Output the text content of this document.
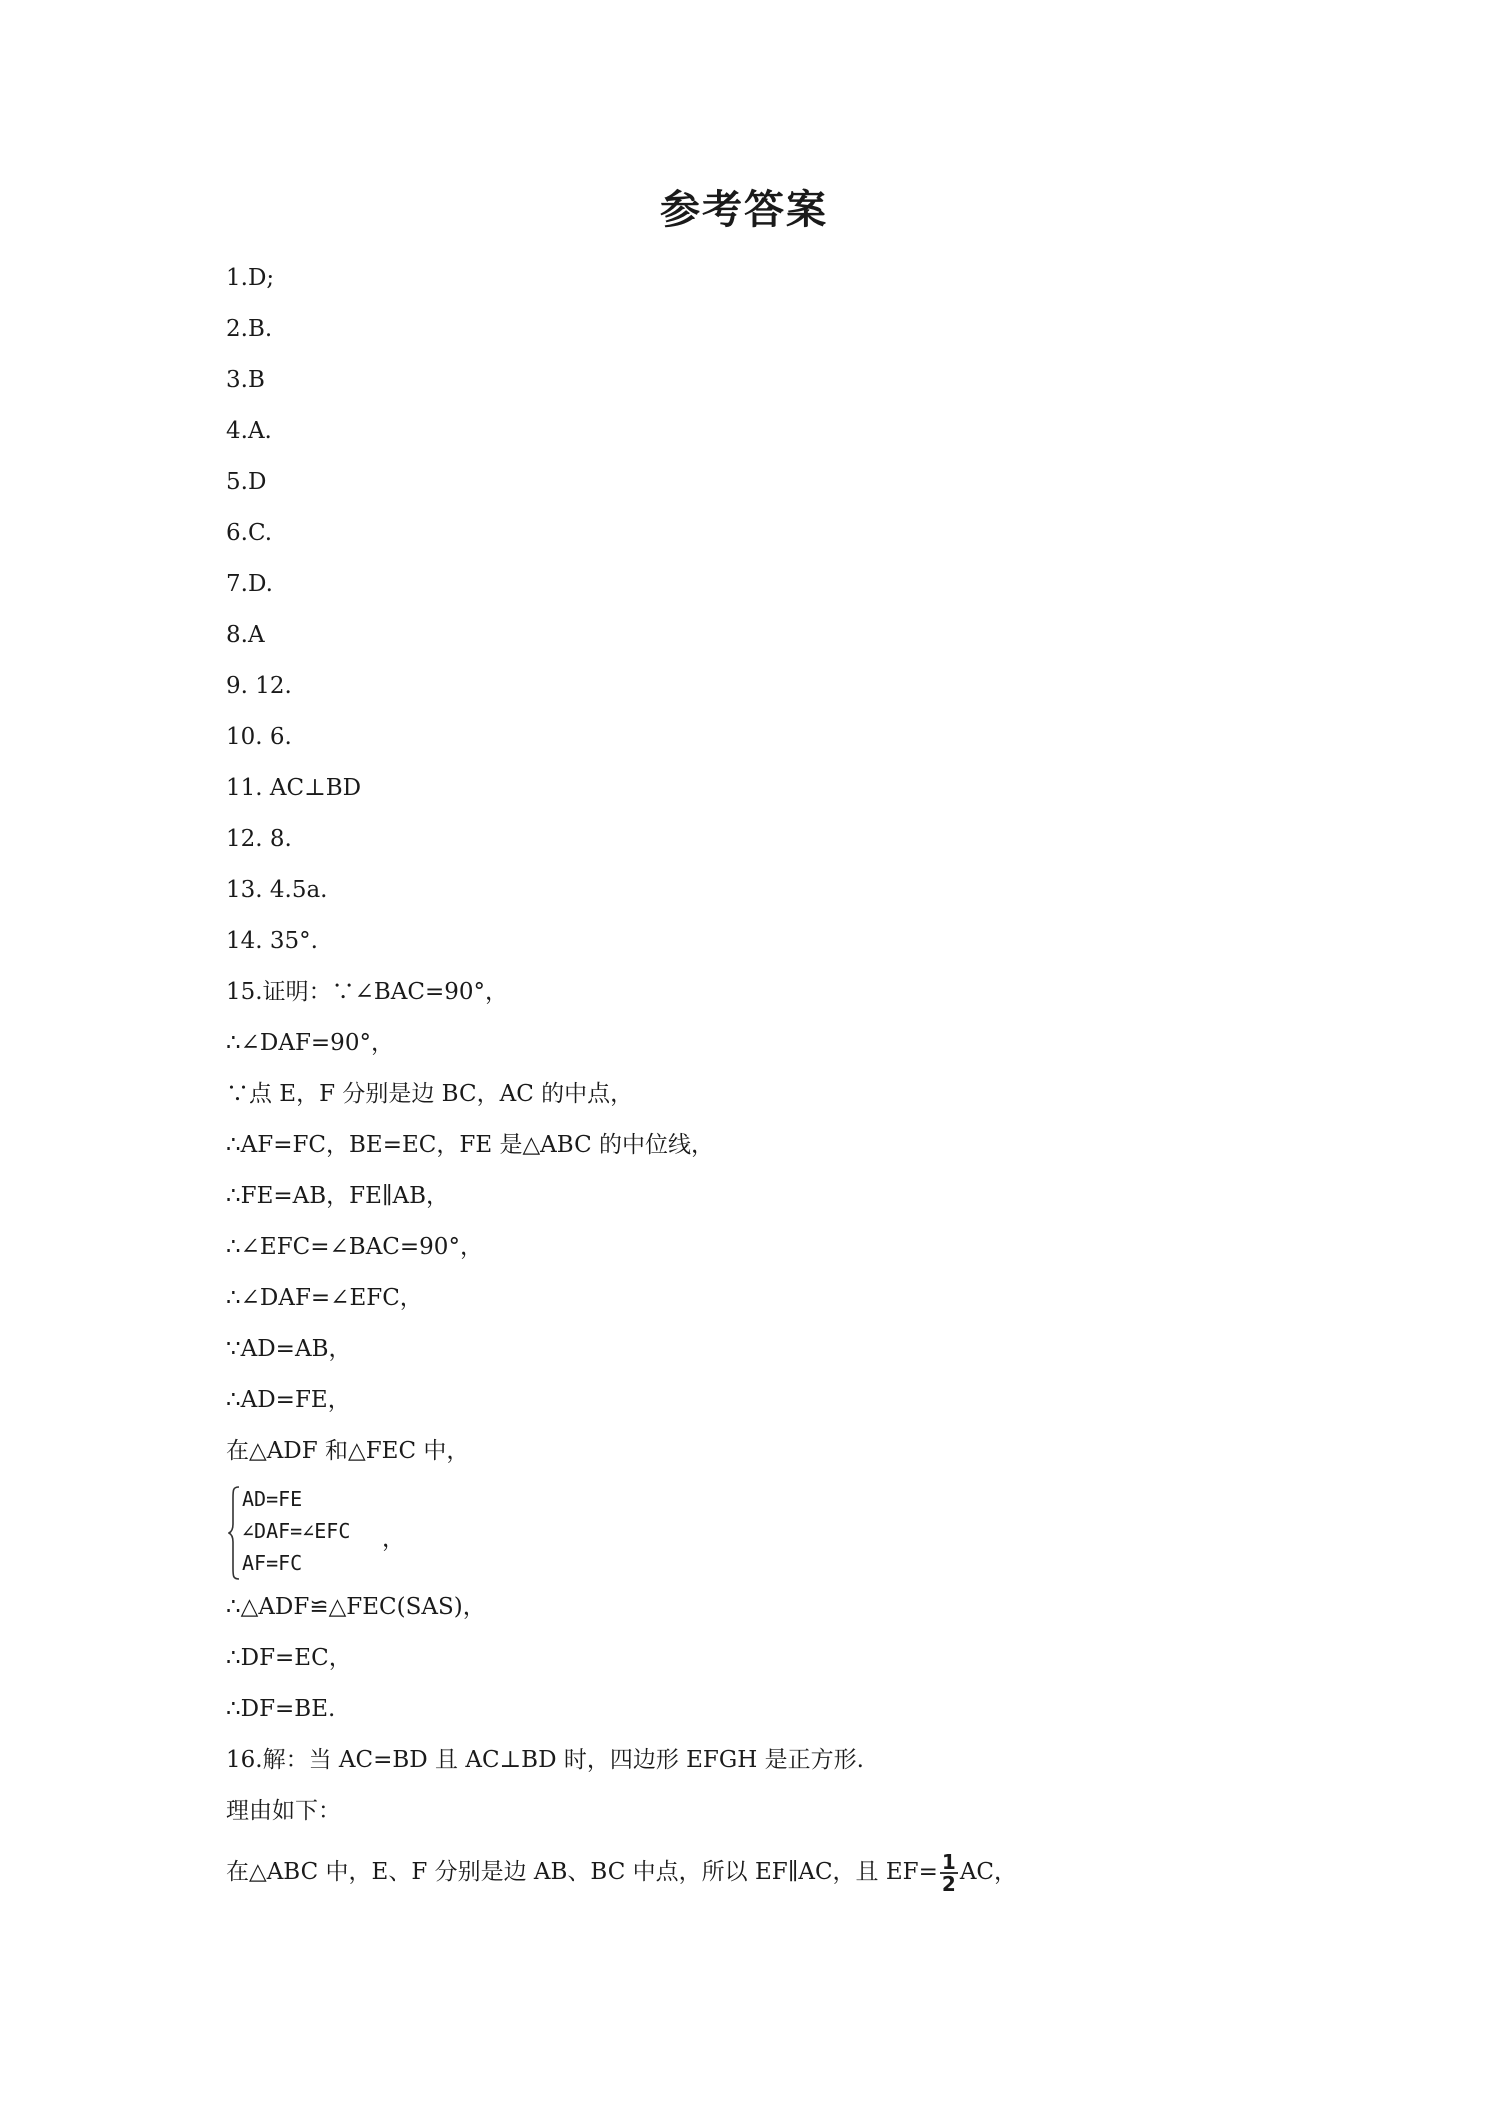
参考答案
1.D;
2.B.
3.B
4.A.
5.D
6.C.
7.D.
8.A
9. 12.
10. 6.
11. AC⊥BD
12. 8.
13. 4.5a.
14. 35°.
15.证明：∵∠BAC=90°，
∴∠DAF=90°，
∵点 E，F 分别是边 BC，AC 的中点，
∴AF=FC，BE=EC，FE 是△ABC 的中位线，
∴FE=AB，FE∥AB，
∴∠EFC=∠BAC=90°，
∴∠DAF=∠EFC，
∵AD=AB，
∴AD=FE，
在△ADF 和△FEC 中，
AD=FE
∠DAF=∠EFC
AF=FC
，
∴△ADF≌△FEC(SAS)，
∴DF=EC，
∴DF=BE.
16.解：当 AC=BD 且 AC⊥BD 时，四边形 EFGH 是正方形.
理由如下：
在△ABC 中，E、F 分别是边 AB、BC 中点，所以 EF∥AC，且 $EF= \frac{1}{2}$ AC，
